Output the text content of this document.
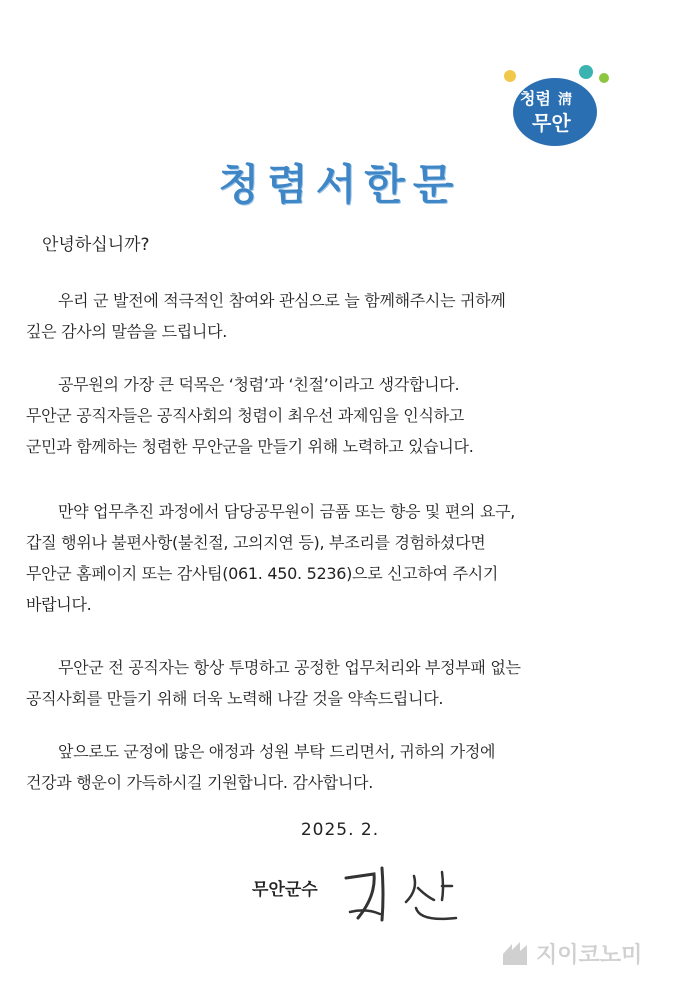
청렴 淸
무안
청렴서한문
안녕하십니까?

우리 군 발전에 적극적인 참여와 관심으로 늘 함께해주시는 귀하께
깊은 감사의 말씀을 드립니다.

공무원의 가장 큰 덕목은 ‘청렴’과 ‘친절’이라고 생각합니다.
무안군 공직자들은 공직사회의 청렴이 최우선 과제임을 인식하고
군민과 함께하는 청렴한 무안군을 만들기 위해 노력하고 있습니다.

만약 업무추진 과정에서 담당공무원이 금품 또는 향응 및 편의 요구,
갑질 행위나 불편사항(불친절, 고의지연 등), 부조리를 경험하셨다면
무안군 홈페이지 또는 감사팀(061. 450. 5236)으로 신고하여 주시기
바랍니다.

무안군 전 공직자는 항상 투명하고 공정한 업무처리와 부정부패 없는
공직사회를 만들기 위해 더욱 노력해 나갈 것을 약속드립니다.

앞으로도 군정에 많은 애정과 성원 부탁 드리면서, 귀하의 가정에
건강과 행운이 가득하시길 기원합니다. 감사합니다.

2025. 2.
무안군수
지이코노미
